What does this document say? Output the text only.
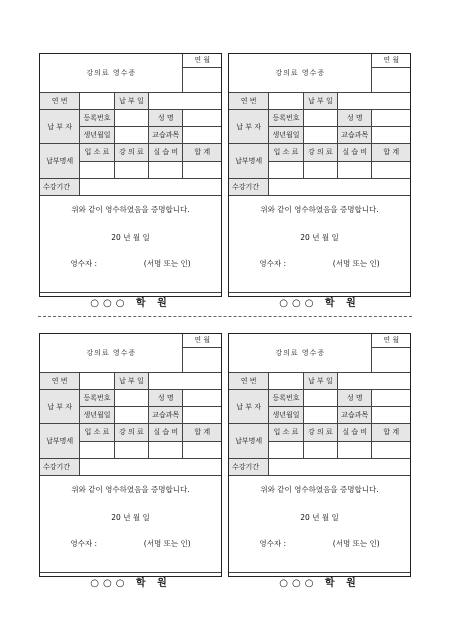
강의료 영수증				연 월

연 번		납 부 일		
납 부 자	등록번호		성 명	
	생년월일		교습과목	
납부명세	입 소 료	강 의 료	실 습 비	합 계

수강기간				
위와 같이 영수하였음을 증명합니다.
20 년 월 일
영수자 :	(서명 또는 인)
○○○ 학 원
강의료 영수증				연 월

연 번		납 부 일		
납 부 자	등록번호		성 명	
	생년월일		교습과목	
납부명세	입 소 료	강 의 료	실 습 비	합 계

수강기간				
위와 같이 영수하였음을 증명합니다.
20 년 월 일
영수자 :	(서명 또는 인)
○○○ 학 원
강의료 영수증				연 월

연 번		납 부 일		
납 부 자	등록번호		성 명	
	생년월일		교습과목	
납부명세	입 소 료	강 의 료	실 습 비	합 계

수강기간				
위와 같이 영수하였음을 증명합니다.
20 년 월 일
영수자 :	(서명 또는 인)
○○○ 학 원
강의료 영수증				연 월

연 번		납 부 일		
납 부 자	등록번호		성 명	
	생년월일		교습과목	
납부명세	입 소 료	강 의 료	실 습 비	합 계

수강기간				
위와 같이 영수하였음을 증명합니다.
20 년 월 일
영수자 :	(서명 또는 인)
○○○ 학 원
